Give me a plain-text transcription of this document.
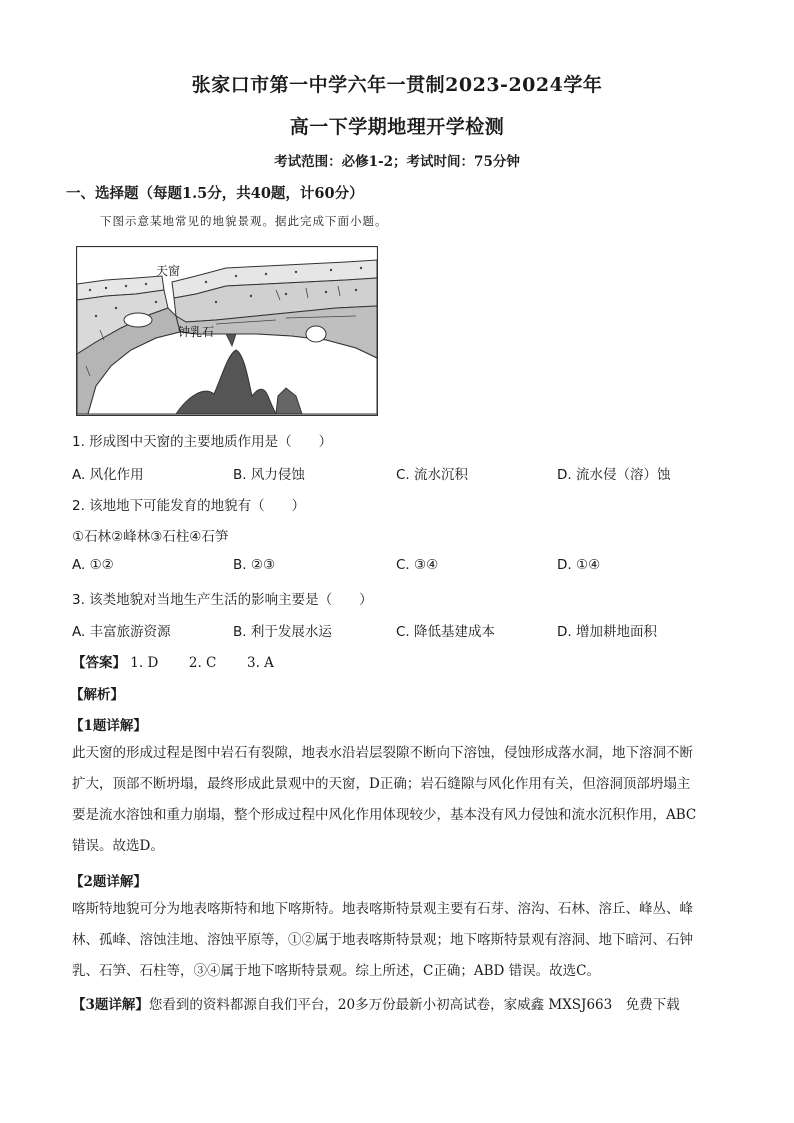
张家口市第一中学六年一贯制2023-2024学年
高一下学期地理开学检测
考试范围：必修1-2；考试时间：75分钟
一、选择题（每题1.5分，共40题，计60分）
下图示意某地常见的地貌景观。据此完成下面小题。
天窗
钟乳石
1. 形成图中天窗的主要地质作用是（　　）
A. 风化作用	B. 风力侵蚀	C. 流水沉积	D. 流水侵（溶）蚀
2. 该地地下可能发育的地貌有（　　）
①石林②峰林③石柱④石笋
A. ①②	B. ②③	C. ③④	D. ①④
3. 该类地貌对当地生产生活的影响主要是（　　）
A. 丰富旅游资源	B. 利于发展水运	C. 降低基建成本	D. 增加耕地面积
【答案】 1. D 2. C 3. A
【解析】
【1题详解】
此天窗的形成过程是图中岩石有裂隙，地表水沿岩层裂隙不断向下溶蚀，侵蚀形成落水洞，地下溶洞不断
扩大，顶部不断坍塌，最终形成此景观中的天窗，D正确；岩石缝隙与风化作用有关，但溶洞顶部坍塌主
要是流水溶蚀和重力崩塌，整个形成过程中风化作用体现较少，基本没有风力侵蚀和流水沉积作用，ABC
错误。故选D。
【2题详解】
喀斯特地貌可分为地表喀斯特和地下喀斯特。地表喀斯特景观主要有石芽、溶沟、石林、溶丘、峰丛、峰
林、孤峰、溶蚀洼地、溶蚀平原等，①②属于地表喀斯特景观；地下喀斯特景观有溶洞、地下暗河、石钟
乳、石笋、石柱等，③④属于地下喀斯特景观。综上所述，C正确；ABD 错误。故选C。
【3题详解】您看到的资料都源自我们平台，20多万份最新小初高试卷，家威鑫 MXSJ663　免费下载
